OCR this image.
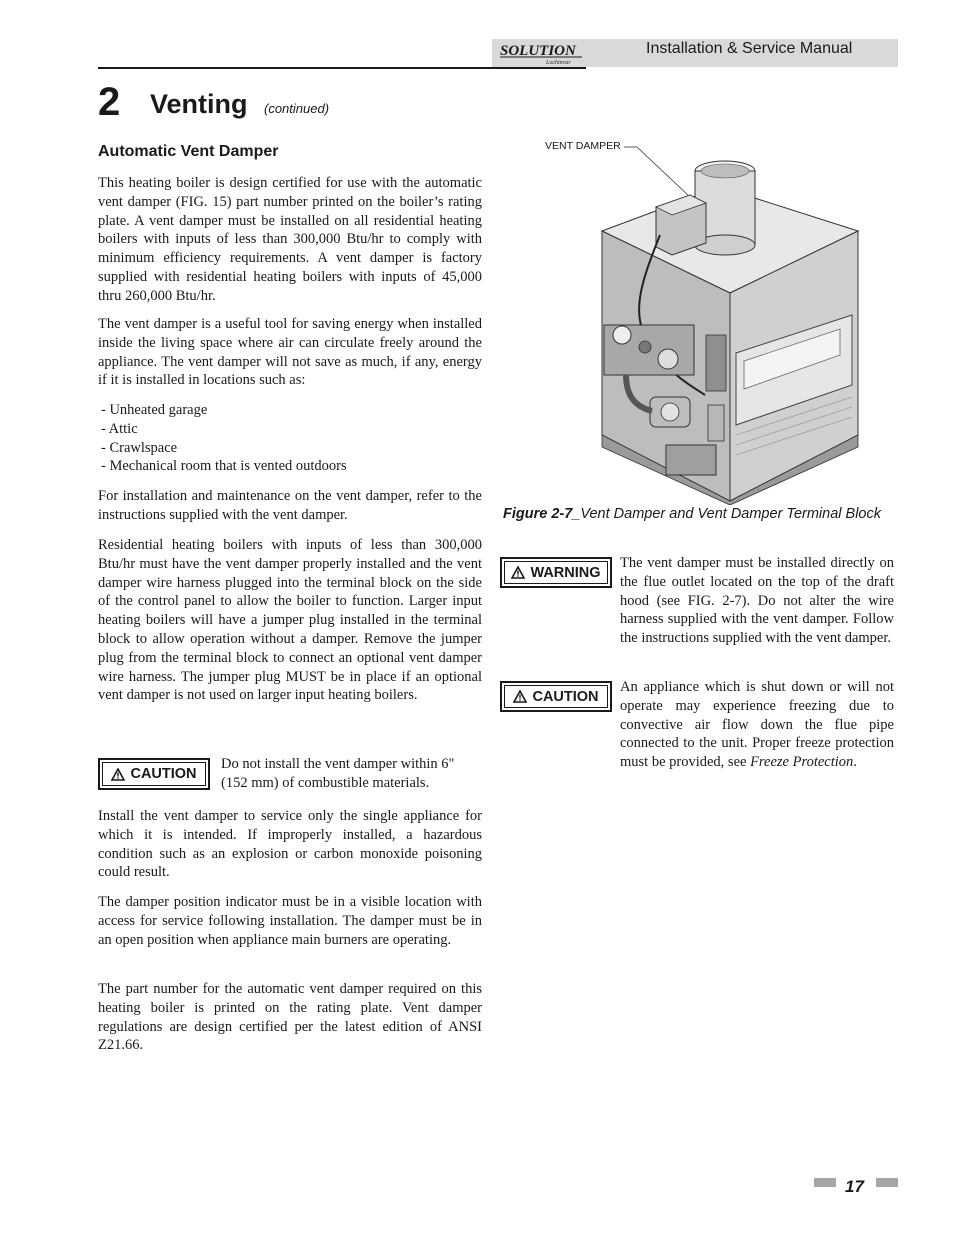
SOLUTION
Lochinvar
Installation & Service Manual
2 Venting (continued)
Automatic Vent Damper

This heating boiler is design certified for use with the automatic vent damper (FIG. 15) part number printed on the boiler’s rating plate. A vent damper must be installed on all residential heating boilers with inputs of less than 300,000 Btu/hr to comply with minimum efficiency requirements. A vent damper is factory supplied with residential heating boilers with inputs of 45,000 thru 260,000 Btu/hr.

The vent damper is a useful tool for saving energy when installed inside the living space where air can circulate freely around the appliance. The vent damper will not save as much, if any, energy if it is installed in locations such as:

- Unheated garage
- Attic
- Crawlspace
- Mechanical room that is vented outdoors

For installation and maintenance on the vent damper, refer to the instructions supplied with the vent damper.

Residential heating boilers with inputs of less than 300,000 Btu/hr must have the vent damper properly installed and the vent damper wire harness plugged into the terminal block on the side of the control panel to allow the boiler to function. Larger input heating boilers will have a jumper plug installed in the terminal block to allow operation without a damper. Remove the jumper plug from the terminal block to connect an optional vent damper wire harness. The jumper plug MUST be in place if an optional vent damper is not used on larger input heating boilers.

CAUTION
Do not install the vent damper within 6"
(152 mm) of combustible materials.

Install the vent damper to service only the single appliance for which it is intended. If improperly installed, a hazardous condition such as an explosion or carbon monoxide poisoning could result.

The damper position indicator must be in a visible location with access for service following installation. The damper must be in an open position when appliance main burners are operating.

The part number for the automatic vent damper required on this heating boiler is printed on the rating plate. Vent damper regulations are design certified per the latest edition of ANSI Z21.66.

VENT DAMPER
Figure 2-7_Vent Damper and Vent Damper Terminal Block
WARNING

The vent damper must be installed directly on the flue outlet located on the top of the draft hood (see FIG. 2-7). Do not alter the wire harness supplied with the vent damper. Follow the instructions supplied with the vent damper.

CAUTION

An appliance which is shut down or will not operate may experience freezing due to convective air flow down the flue pipe connected to the unit. Proper freeze protection must be provided, see Freeze Protection.

17
